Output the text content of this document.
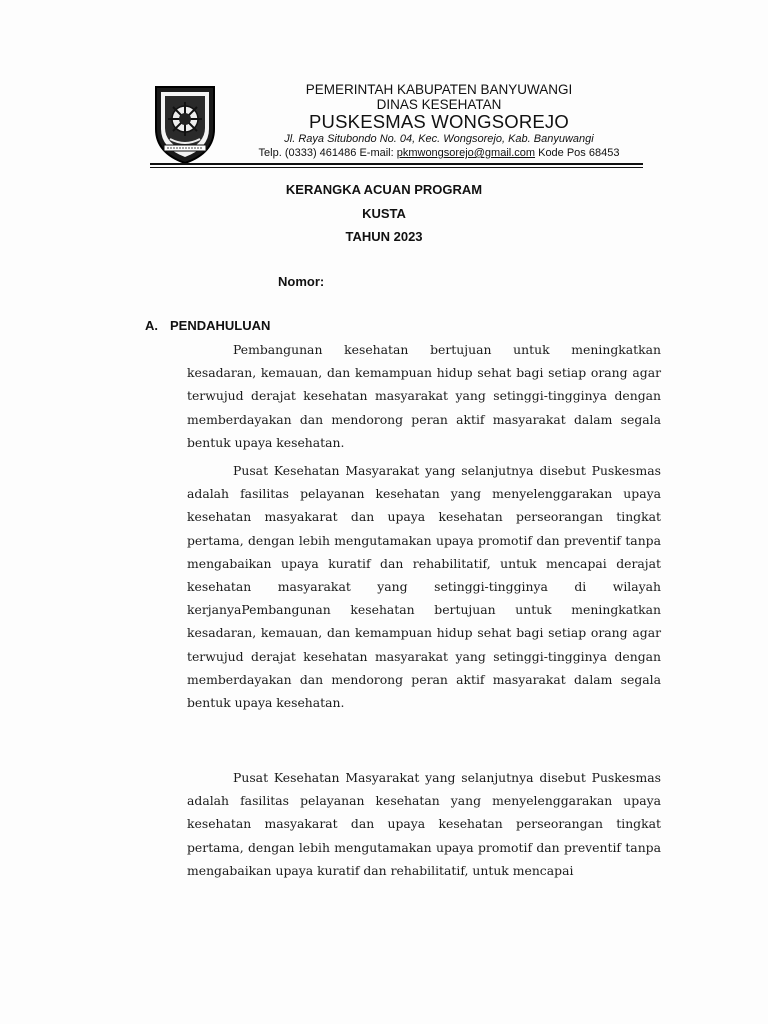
PEMERINTAH KABUPATEN BANYUWANGI
DINAS KESEHATAN
PUSKESMAS WONGSOREJO
Jl. Raya Situbondo No. 04, Kec. Wongsorejo, Kab. Banyuwangi
Telp. (0333) 461486 E-mail: pkmwongsorejo@gmail.com Kode Pos 68453
KERANGKA ACUAN PROGRAM
KUSTA
TAHUN 2023
Nomor:
A. PENDAHULUAN

Pembangunan kesehatan bertujuan untuk meningkatkan kesadaran, kemauan, dan kemampuan hidup sehat bagi setiap orang agar terwujud derajat kesehatan masyarakat yang setinggi-tingginya dengan memberdayakan dan mendorong peran aktif masyarakat dalam segala bentuk upaya kesehatan.

Pusat Kesehatan Masyarakat yang selanjutnya disebut Puskesmas adalah fasilitas pelayanan kesehatan yang menyelenggarakan upaya kesehatan masyakarat dan upaya kesehatan perseorangan tingkat pertama, dengan lebih mengutamakan upaya promotif dan preventif tanpa mengabaikan upaya kuratif dan rehabilitatif, untuk mencapai derajat kesehatan masyarakat yang setinggi-tingginya di wilayah kerjanyaPembangunan kesehatan bertujuan untuk meningkatkan kesadaran, kemauan, dan kemampuan hidup sehat bagi setiap orang agar terwujud derajat kesehatan masyarakat yang setinggi-tingginya dengan memberdayakan dan mendorong peran aktif masyarakat dalam segala bentuk upaya kesehatan.

Pusat Kesehatan Masyarakat yang selanjutnya disebut Puskesmas adalah fasilitas pelayanan kesehatan yang menyelenggarakan upaya kesehatan masyakarat dan upaya kesehatan perseorangan tingkat pertama, dengan lebih mengutamakan upaya promotif dan preventif tanpa mengabaikan upaya kuratif dan rehabilitatif, untuk mencapai
